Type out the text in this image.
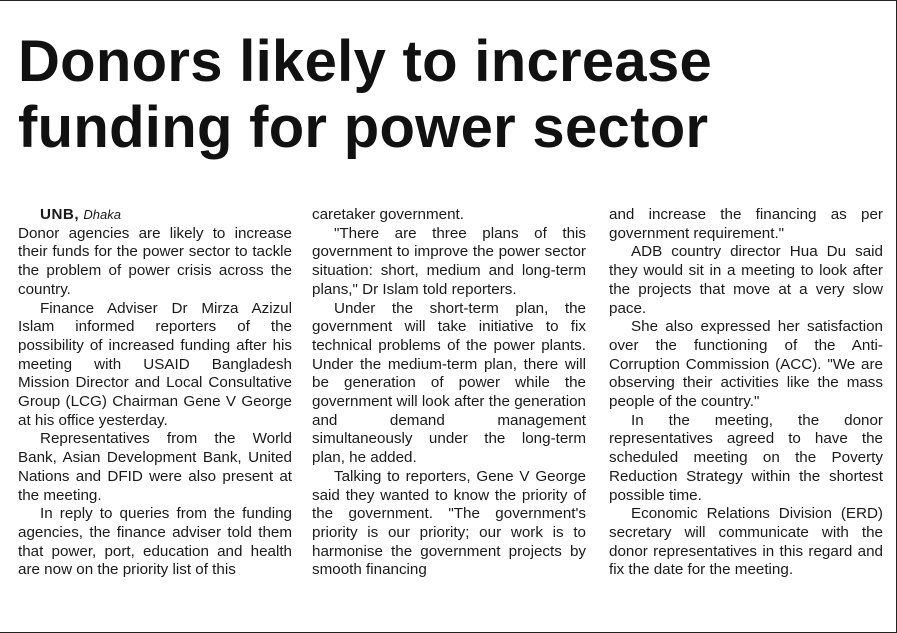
Donors likely to increase funding for power sector

UNB, Dhaka

Donor agencies are likely to increase their funds for the power sector to tackle the problem of power crisis across the country.

Finance Adviser Dr Mirza Azizul Islam informed reporters of the possibility of increased funding after his meeting with USAID Bangladesh Mission Director and Local Consultative Group (LCG) Chairman Gene V George at his office yesterday.

Representatives from the World Bank, Asian Development Bank, United Nations and DFID were also present at the meeting.

In reply to queries from the funding agencies, the finance adviser told them that power, port, education and health are now on the priority list of this

caretaker government.

"There are three plans of this government to improve the power sector situation: short, medium and long-term plans," Dr Islam told reporters.

Under the short-term plan, the government will take initiative to fix technical problems of the power plants. Under the medium-term plan, there will be generation of power while the government will look after the generation and demand management simultaneously under the long-term plan, he added.

Talking to reporters, Gene V George said they wanted to know the priority of the government. "The government's priority is our priority; our work is to harmonise the government projects by smooth financing

and increase the financing as per government requirement."

ADB country director Hua Du said they would sit in a meeting to look after the projects that move at a very slow pace.

She also expressed her satisfaction over the functioning of the Anti-Corruption Commission (ACC). "We are observing their activities like the mass people of the country."

In the meeting, the donor representatives agreed to have the scheduled meeting on the Poverty Reduction Strategy within the shortest possible time.

Economic Relations Division (ERD) secretary will communicate with the donor representatives in this regard and fix the date for the meeting.
